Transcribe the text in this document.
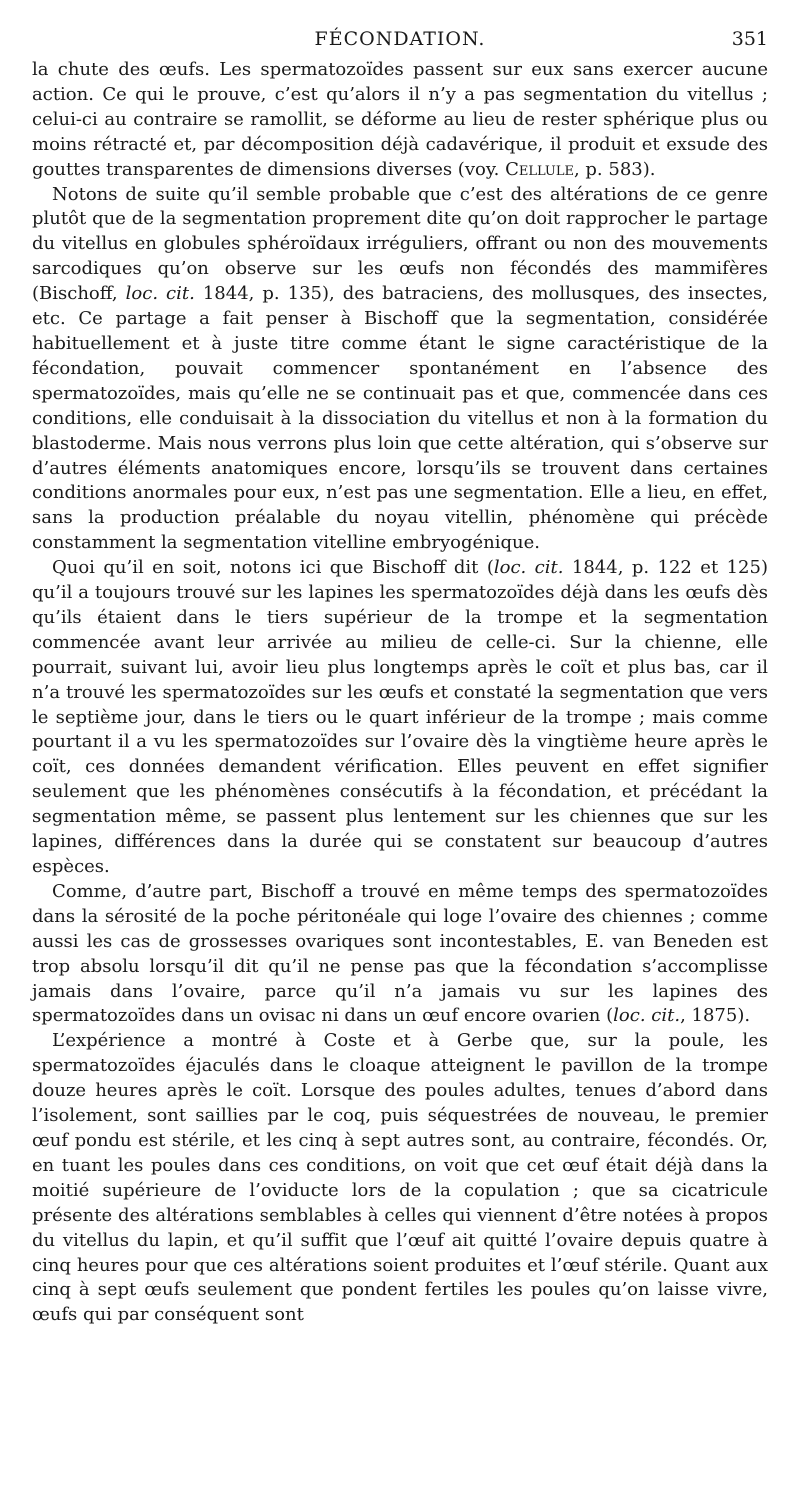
FÉCONDATION.	351

la chute des œufs. Les spermatozoïdes passent sur eux sans exercer aucune action. Ce qui le prouve, c’est qu’alors il n’y a pas segmentation du vitellus ; celui-ci au contraire se ramollit, se déforme au lieu de rester sphérique plus ou moins rétracté et, par décomposition déjà cadavérique, il produit et exsude des gouttes transparentes de dimensions diverses (voy. Cellule, p. 583).

Notons de suite qu’il semble probable que c’est des altérations de ce genre plutôt que de la segmentation proprement dite qu’on doit rapprocher le partage du vitellus en globules sphéroïdaux irréguliers, offrant ou non des mouvements sarcodiques qu’on observe sur les œufs non fécondés des mammifères (Bischoff, loc. cit. 1844, p. 135), des batraciens, des mollusques, des insectes, etc. Ce partage a fait penser à Bischoff que la segmentation, considérée habituellement et à juste titre comme étant le signe caractéristique de la fécondation, pouvait commencer spontanément en l’absence des spermatozoïdes, mais qu’elle ne se continuait pas et que, commencée dans ces conditions, elle conduisait à la dissociation du vitellus et non à la formation du blastoderme. Mais nous verrons plus loin que cette altération, qui s’observe sur d’autres éléments anatomiques encore, lorsqu’ils se trouvent dans certaines conditions anormales pour eux, n’est pas une segmentation. Elle a lieu, en effet, sans la production préalable du noyau vitellin, phénomène qui précède constamment la segmentation vitelline embryogénique.

Quoi qu’il en soit, notons ici que Bischoff dit (loc. cit. 1844, p. 122 et 125) qu’il a toujours trouvé sur les lapines les spermatozoïdes déjà dans les œufs dès qu’ils étaient dans le tiers supérieur de la trompe et la segmentation commencée avant leur arrivée au milieu de celle-ci. Sur la chienne, elle pourrait, suivant lui, avoir lieu plus longtemps après le coït et plus bas, car il n’a trouvé les spermatozoïdes sur les œufs et constaté la segmentation que vers le septième jour, dans le tiers ou le quart inférieur de la trompe ; mais comme pourtant il a vu les spermatozoïdes sur l’ovaire dès la vingtième heure après le coït, ces données demandent vérification. Elles peuvent en effet signifier seulement que les phénomènes consécutifs à la fécondation, et précédant la segmentation même, se passent plus lentement sur les chiennes que sur les lapines, différences dans la durée qui se constatent sur beaucoup d’autres espèces.

Comme, d’autre part, Bischoff a trouvé en même temps des spermatozoïdes dans la sérosité de la poche péritonéale qui loge l’ovaire des chiennes ; comme aussi les cas de grossesses ovariques sont incontestables, E. van Beneden est trop absolu lorsqu’il dit qu’il ne pense pas que la fécondation s’accomplisse jamais dans l’ovaire, parce qu’il n’a jamais vu sur les lapines des spermatozoïdes dans un ovisac ni dans un œuf encore ovarien (loc. cit., 1875).

L’expérience a montré à Coste et à Gerbe que, sur la poule, les spermatozoïdes éjaculés dans le cloaque atteignent le pavillon de la trompe douze heures après le coït. Lorsque des poules adultes, tenues d’abord dans l’isolement, sont saillies par le coq, puis séquestrées de nouveau, le premier œuf pondu est stérile, et les cinq à sept autres sont, au contraire, fécondés. Or, en tuant les poules dans ces conditions, on voit que cet œuf était déjà dans la moitié supérieure de l’oviducte lors de la copulation ; que sa cicatricule présente des altérations semblables à celles qui viennent d’être notées à propos du vitellus du lapin, et qu’il suffit que l’œuf ait quitté l’ovaire depuis quatre à cinq heures pour que ces altérations soient produites et l’œuf stérile. Quant aux cinq à sept œufs seulement que pondent fertiles les poules qu’on laisse vivre, œufs qui par conséquent sont
